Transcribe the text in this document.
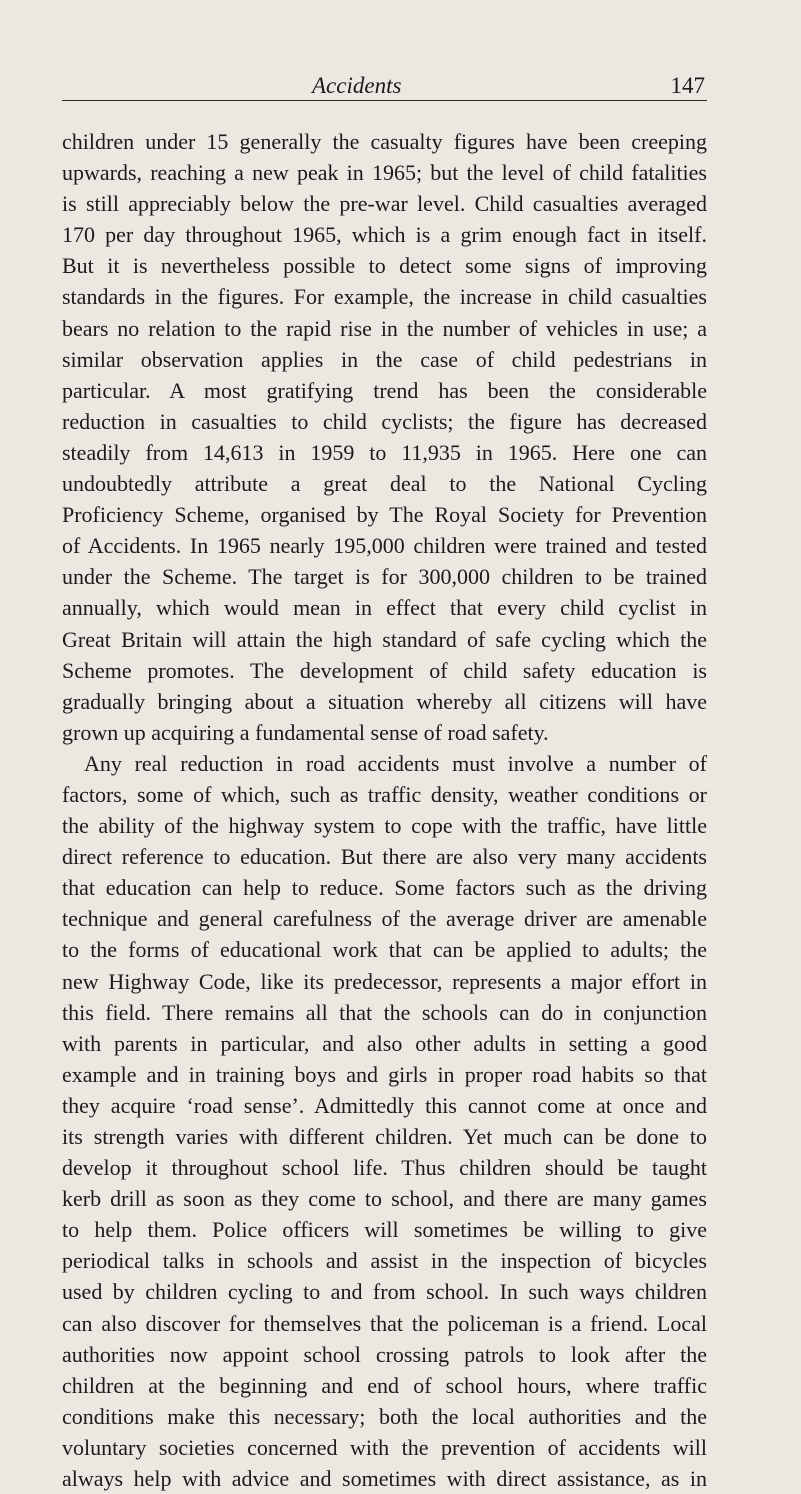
Accidents	147
children under 15 generally the casualty figures have been creeping
upwards, reaching a new peak in 1965; but the level of child fatalities
is still appreciably below the pre-war level. Child casualties averaged
170 per day throughout 1965, which is a grim enough fact in itself.
But it is nevertheless possible to detect some signs of improving
standards in the figures. For example, the increase in child casualties
bears no relation to the rapid rise in the number of vehicles in use; a
similar observation applies in the case of child pedestrians in
particular. A most gratifying trend has been the considerable
reduction in casualties to child cyclists; the figure has decreased
steadily from 14,613 in 1959 to 11,935 in 1965. Here one can
undoubtedly attribute a great deal to the National Cycling
Proficiency Scheme, organised by The Royal Society for Prevention
of Accidents. In 1965 nearly 195,000 children were trained and tested
under the Scheme. The target is for 300,000 children to be trained
annually, which would mean in effect that every child cyclist in
Great Britain will attain the high standard of safe cycling which the
Scheme promotes. The development of child safety education is
gradually bringing about a situation whereby all citizens will have
grown up acquiring a fundamental sense of road safety.
Any real reduction in road accidents must involve a number of
factors, some of which, such as traffic density, weather conditions or
the ability of the highway system to cope with the traffic, have little
direct reference to education. But there are also very many accidents
that education can help to reduce. Some factors such as the driving
technique and general carefulness of the average driver are amenable
to the forms of educational work that can be applied to adults; the
new Highway Code, like its predecessor, represents a major effort in
this field. There remains all that the schools can do in conjunction
with parents in particular, and also other adults in setting a good
example and in training boys and girls in proper road habits so that
they acquire ‘road sense’. Admittedly this cannot come at once and
its strength varies with different children. Yet much can be done to
develop it throughout school life. Thus children should be taught
kerb drill as soon as they come to school, and there are many games
to help them. Police officers will sometimes be willing to give
periodical talks in schools and assist in the inspection of bicycles
used by children cycling to and from school. In such ways children
can also discover for themselves that the policeman is a friend. Local
authorities now appoint school crossing patrols to look after the
children at the beginning and end of school hours, where traffic
conditions make this necessary; both the local authorities and the
voluntary societies concerned with the prevention of accidents will
always help with advice and sometimes with direct assistance, as in
